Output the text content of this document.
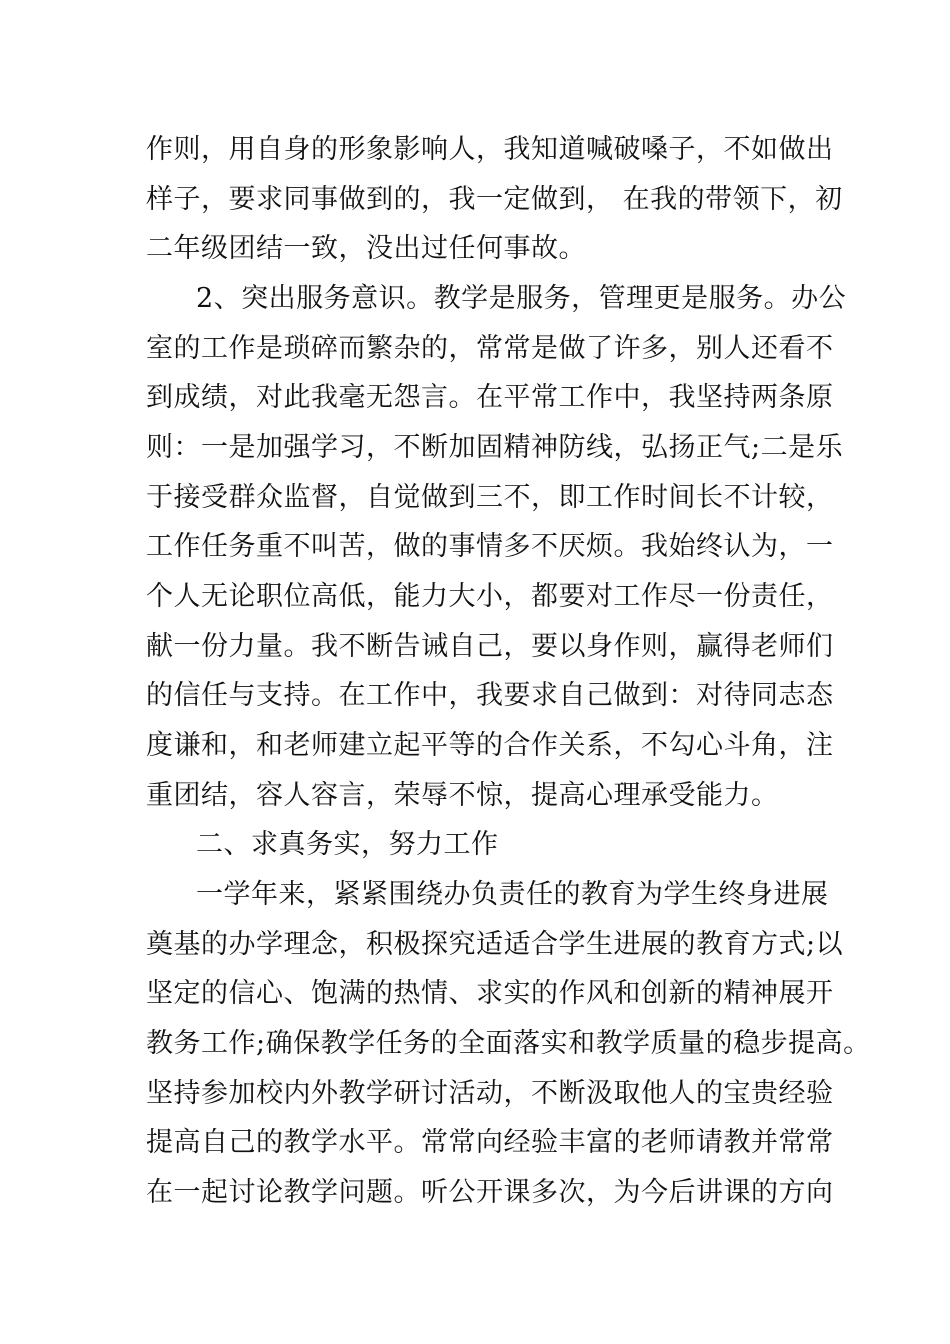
作则，用自身的形象影响人，我知道喊破嗓子，不如做出
样子，要求同事做到的，我一定做到， 在我的带领下，初
二年级团结一致，没出过任何事故。
2、突出服务意识。教学是服务，管理更是服务。办公
室的工作是琐碎而繁杂的，常常是做了许多，别人还看不
到成绩，对此我毫无怨言。在平常工作中，我坚持两条原
则：一是加强学习，不断加固精神防线，弘扬正气;二是乐
于接受群众监督，自觉做到三不，即工作时间长不计较，
工作任务重不叫苦，做的事情多不厌烦。我始终认为，一
个人无论职位高低，能力大小，都要对工作尽一份责任，
献一份力量。我不断告诫自己，要以身作则，赢得老师们
的信任与支持。在工作中，我要求自己做到：对待同志态
度谦和，和老师建立起平等的合作关系，不勾心斗角，注
重团结，容人容言，荣辱不惊，提高心理承受能力。
二、求真务实，努力工作
一学年来，紧紧围绕办负责任的教育为学生终身进展
奠基的办学理念，积极探究适适合学生进展的教育方式;以
坚定的信心、饱满的热情、求实的作风和创新的精神展开
教务工作;确保教学任务的全面落实和教学质量的稳步提高。
坚持参加校内外教学研讨活动，不断汲取他人的宝贵经验
提高自己的教学水平。常常向经验丰富的老师请教并常常
在一起讨论教学问题。听公开课多次，为今后讲课的方向
